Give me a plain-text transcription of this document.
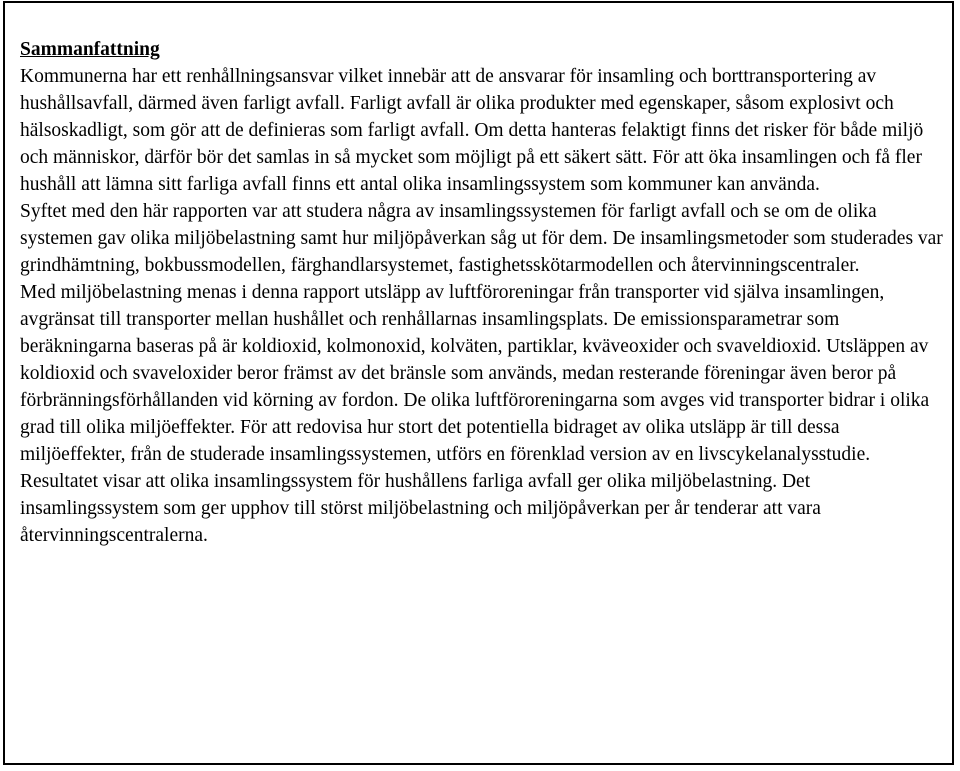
Sammanfattning

Kommunerna har ett renhållningsansvar vilket innebär att de ansvarar för insamling och borttransportering av hushållsavfall, därmed även farligt avfall. Farligt avfall är olika produkter med egenskaper, såsom explosivt och hälsoskadligt, som gör att de definieras som farligt avfall. Om detta hanteras felaktigt finns det risker för både miljö och människor, därför bör det samlas in så mycket som möjligt på ett säkert sätt. För att öka insamlingen och få fler hushåll att lämna sitt farliga avfall finns ett antal olika insamlingssystem som kommuner kan använda.

Syftet med den här rapporten var att studera några av insamlingssystemen för farligt avfall och se om de olika systemen gav olika miljöbelastning samt hur miljöpåverkan såg ut för dem. De insamlingsmetoder som studerades var grindhämtning, bokbussmodellen, färghandlarsystemet, fastighetsskötarmodellen och återvinningscentraler.

Med miljöbelastning menas i denna rapport utsläpp av luftföroreningar från transporter vid själva insamlingen, avgränsat till transporter mellan hushållet och renhållarnas insamlingsplats. De emissionsparametrar som beräkningarna baseras på är koldioxid, kolmonoxid, kolväten, partiklar, kväveoxider och svaveldioxid. Utsläppen av koldioxid och svaveloxider beror främst av det bränsle som används, medan resterande föreningar även beror på förbränningsförhållanden vid körning av fordon. De olika luftföroreningarna som avges vid transporter bidrar i olika grad till olika miljöeffekter. För att redovisa hur stort det potentiella bidraget av olika utsläpp är till dessa miljöeffekter, från de studerade insamlingssystemen, utförs en förenklad version av en livscykelanalysstudie. Resultatet visar att olika insamlingssystem för hushållens farliga avfall ger olika miljöbelastning. Det insamlingssystem som ger upphov till störst miljöbelastning och miljöpåverkan per år tenderar att vara återvinningscentralerna.
